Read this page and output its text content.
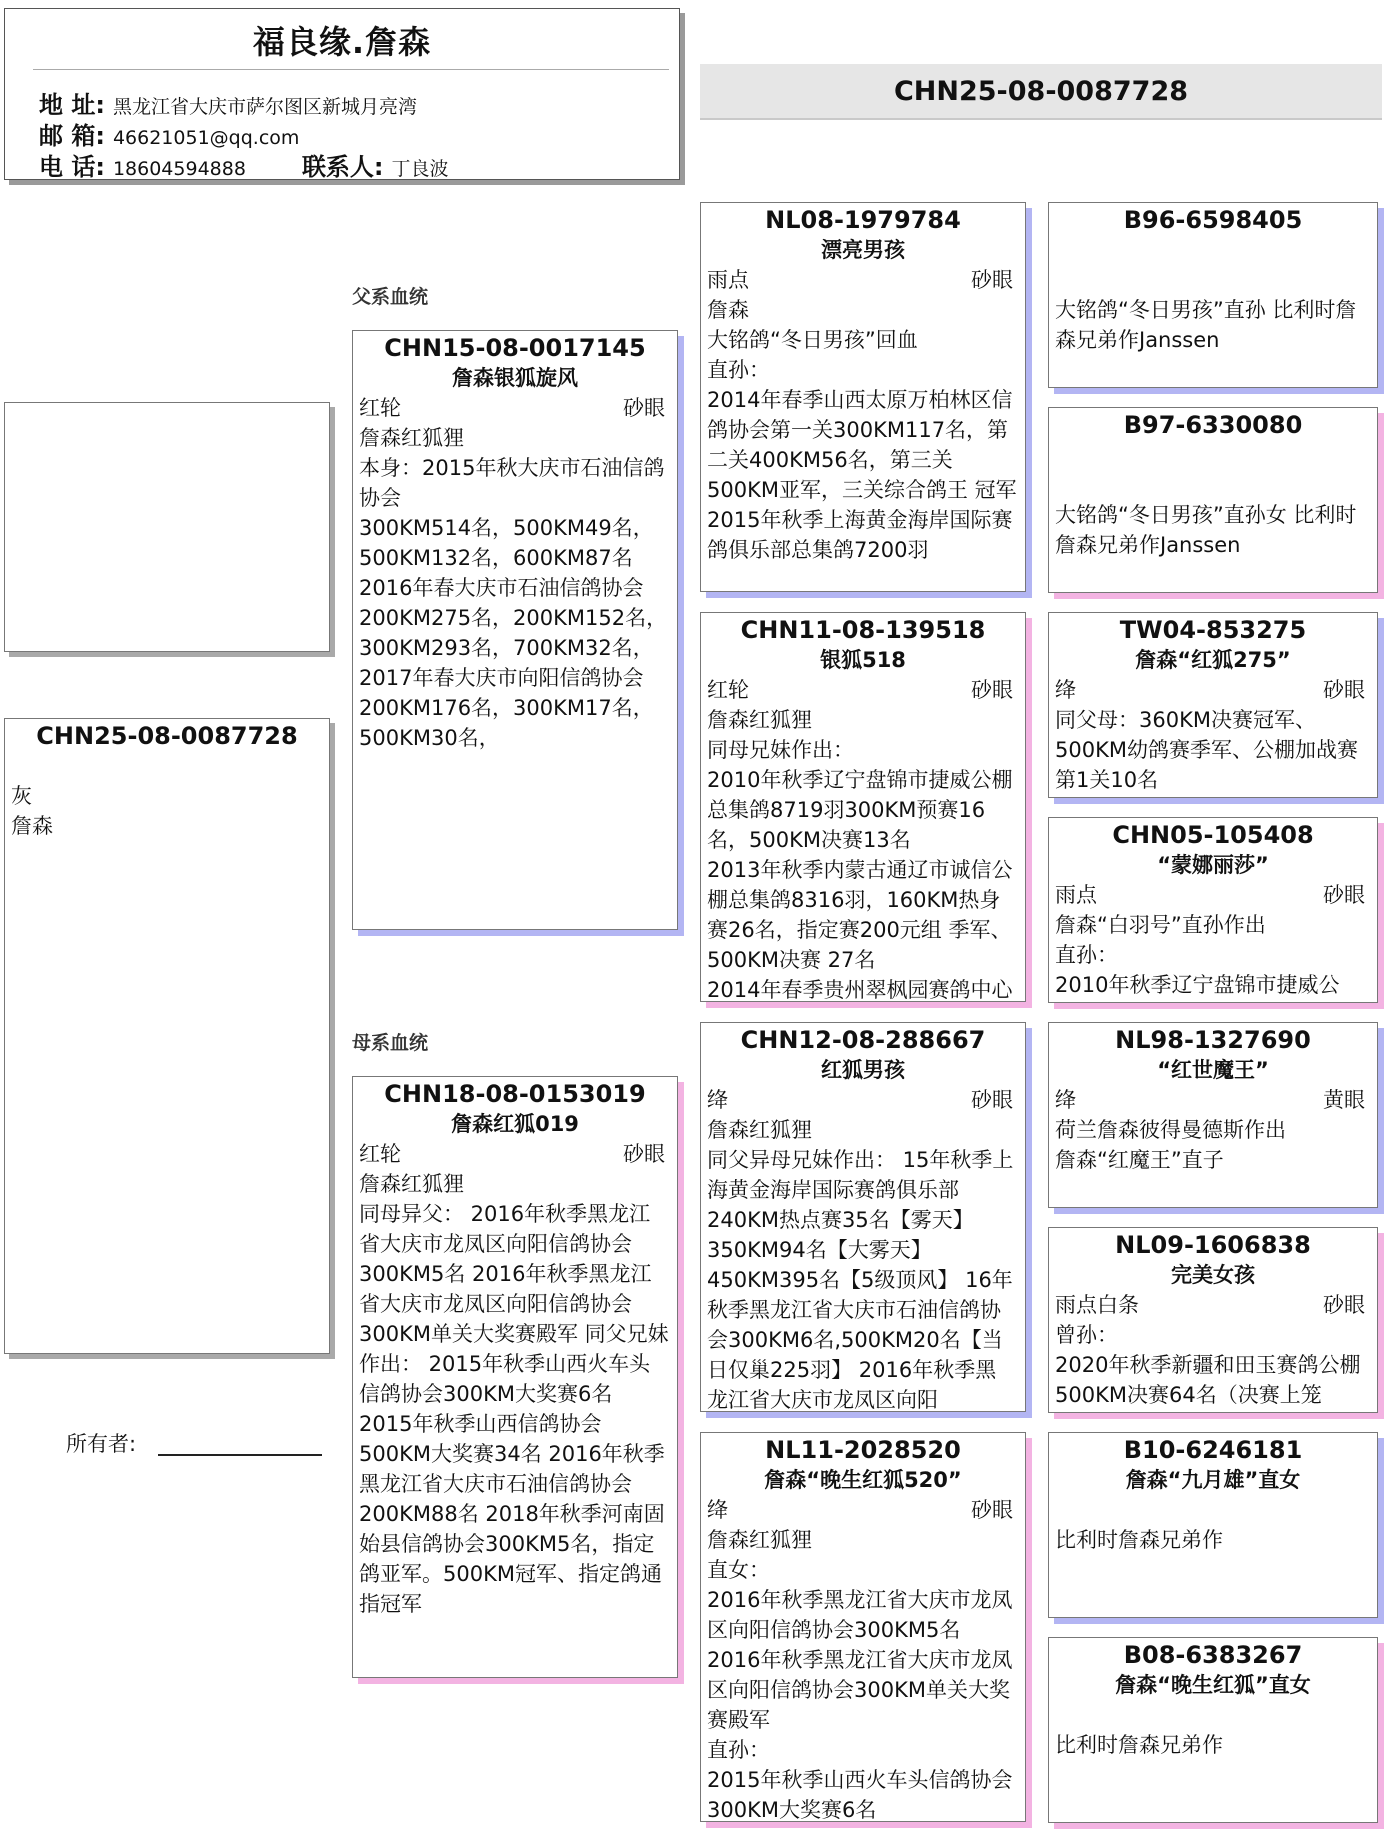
福良缘.詹森
地 址: 黑龙江省大庆市萨尔图区新城月亮湾
邮 箱: 46621051@qq.com
电 话: 18604594888 联系人: 丁良波
CHN25-08-0087728
父系血统
母系血统
CHN25-08-0087728
灰
詹森
所有者:
CHN15-08-0017145
詹森银狐旋风
红轮	砂眼
詹森红狐狸
本身：2015年秋大庆市石油信鸽协会
300KM514名，500KM49名，500KM132名，600KM87名
2016年春大庆市石油信鸽协会200KM275名，200KM152名，300KM293名，700KM32名，
2017年春大庆市向阳信鸽协会200KM176名，300KM17名，500KM30名，
CHN18-08-0153019
詹森红狐019
红轮	砂眼
詹森红狐狸
同母异父： 2016年秋季黑龙江省大庆市龙凤区向阳信鸽协会300KM5名 2016年秋季黑龙江省大庆市龙凤区向阳信鸽协会300KM单关大奖赛殿军 同父兄妹作出： 2015年秋季山西火车头信鸽协会300KM大奖赛6名 2015年秋季山西信鸽协会500KM大奖赛34名 2016年秋季黑龙江省大庆市石油信鸽协会200KM88名 2018年秋季河南固始县信鸽协会300KM5名，指定鸽亚军。500KM冠军、指定鸽通指冠军
NL08-1979784
漂亮男孩
雨点	砂眼
詹森
大铭鸽“冬日男孩”回血
直孙：
2014年春季山西太原万柏林区信鸽协会第一关300KM117名，第二关400KM56名，第三关500KM亚军，三关综合鸽王 冠军
2015年秋季上海黄金海岸国际赛鸽俱乐部总集鸽7200羽
CHN11-08-139518
银狐518
红轮	砂眼
詹森红狐狸
同母兄妹作出：
2010年秋季辽宁盘锦市捷威公棚总集鸽8719羽300KM预赛16名，500KM决赛13名
2013年秋季内蒙古通辽市诚信公棚总集鸽8316羽，160KM热身赛26名，指定赛200元组 季军、500KM决赛 27名
2014年春季贵州翠枫园赛鸽中心
CHN12-08-288667
红狐男孩
绛	砂眼
詹森红狐狸
同父异母兄妹作出： 15年秋季上海黄金海岸国际赛鸽俱乐部240KM热点赛35名【雾天】350KM94名【大雾天】450KM395名【5级顶风】 16年秋季黑龙江省大庆市石油信鸽协会300KM6名,500KM20名【当日仅巢225羽】 2016年秋季黑龙江省大庆市龙凤区向阳
NL11-2028520
詹森“晚生红狐520”
绛	砂眼
詹森红狐狸
直女：
2016年秋季黑龙江省大庆市龙凤区向阳信鸽协会300KM5名
2016年秋季黑龙江省大庆市龙凤区向阳信鸽协会300KM单关大奖赛殿军
直孙：
2015年秋季山西火车头信鸽协会300KM大奖赛6名
B96-6598405
大铭鸽“冬日男孩”直孙 比利时詹森兄弟作Janssen
B97-6330080
大铭鸽“冬日男孩”直孙女 比利时詹森兄弟作Janssen
TW04-853275
詹森“红狐275”
绛	砂眼
同父母：360KM决赛冠军、500KM幼鸽赛季军、公棚加战赛第1关10名
CHN05-105408
“蒙娜丽莎”
雨点	砂眼
詹森“白羽号”直孙作出
直孙：
2010年秋季辽宁盘锦市捷威公
NL98-1327690
“红世魔王”
绛	黄眼
荷兰詹森彼得曼德斯作出
詹森“红魔王”直子
NL09-1606838
完美女孩
雨点白条	砂眼
曾孙：
2020年秋季新疆和田玉赛鸽公棚500KM决赛64名（决赛上笼
B10-6246181
詹森“九月雄”直女
比利时詹森兄弟作
B08-6383267
詹森“晚生红狐”直女
比利时詹森兄弟作
